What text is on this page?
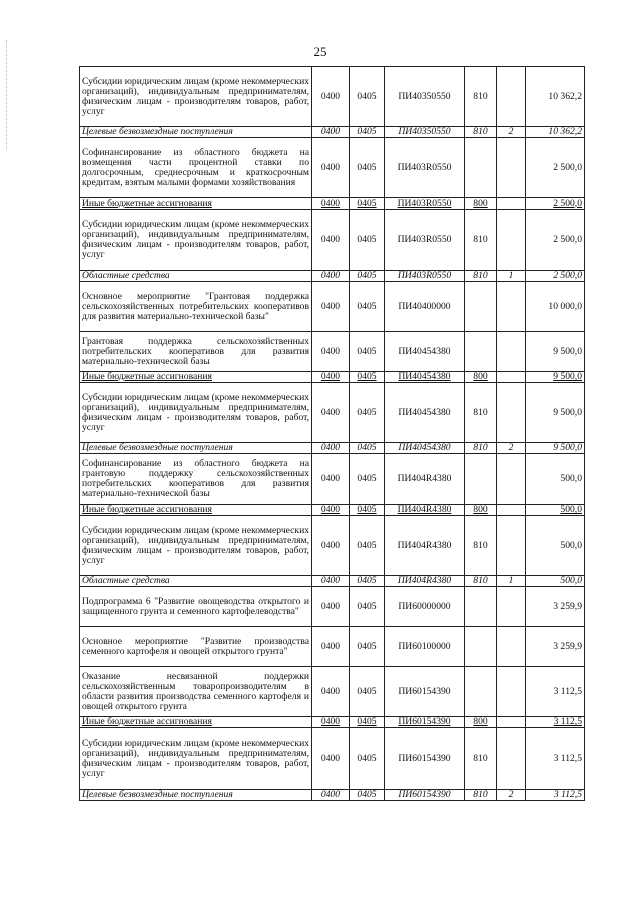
25
Субсидии юридическим лицам (кроме некоммерческих организаций), индивидуальным предпринимателям, физическим лицам - производителям товаров, работ, услуг	0400	0405	ПИ40350550	810		10 362,2
Целевые безвозмездные поступления	0400	0405	ПИ40350550	810	2	10 362,2
Софинансирование из областного бюджета на возмещения части процентной ставки по долгосрочным, среднесрочным и краткосрочным кредитам, взятым малыми формами хозяйствования	0400	0405	ПИ403R0550			2 500,0
Иные бюджетные ассигнования	0400	0405	ПИ403R0550	800		2 500,0
Субсидии юридическим лицам (кроме некоммерческих организаций), индивидуальным предпринимателям, физическим лицам - производителям товаров, работ, услуг	0400	0405	ПИ403R0550	810		2 500,0
Областные средства	0400	0405	ПИ403R0550	810	1	2 500,0
Основное мероприятие "Грантовая поддержка сельскохозяйственных потребительских кооперативов для развития материально-технической базы"	0400	0405	ПИ40400000			10 000,0
Грантовая поддержка сельскохозяйственных потребительских кооперативов для развития материально-технической базы	0400	0405	ПИ40454380			9 500,0
Иные бюджетные ассигнования	0400	0405	ПИ40454380	800		9 500,0
Субсидии юридическим лицам (кроме некоммерческих организаций), индивидуальным предпринимателям, физическим лицам - производителям товаров, работ, услуг	0400	0405	ПИ40454380	810		9 500,0
Целевые безвозмездные поступления	0400	0405	ПИ40454380	810	2	9 500,0
Софинансирование из областного бюджета на грантовую поддержку сельскохозяйственных потребительских кооперативов для развития материально-технической базы	0400	0405	ПИ404R4380			500,0
Иные бюджетные ассигнования	0400	0405	ПИ404R4380	800		500,0
Субсидии юридическим лицам (кроме некоммерческих организаций), индивидуальным предпринимателям, физическим лицам - производителям товаров, работ, услуг	0400	0405	ПИ404R4380	810		500,0
Областные средства	0400	0405	ПИ404R4380	810	1	500,0
Подпрограмма 6 "Развитие овощеводства открытого и защищенного грунта и семенного картофелеводства"	0400	0405	ПИ60000000			3 259,9
Основное мероприятие "Развитие производства семенного картофеля и овощей открытого грунта"	0400	0405	ПИ60100000			3 259,9
Оказание несвязанной поддержки сельскохозяйственным товаропроизводителям в области развития производства семенного картофеля и овощей открытого грунта	0400	0405	ПИ60154390			3 112,5
Иные бюджетные ассигнования	0400	0405	ПИ60154390	800		3 112,5
Субсидии юридическим лицам (кроме некоммерческих организаций), индивидуальным предпринимателям, физическим лицам - производителям товаров, работ, услуг	0400	0405	ПИ60154390	810		3 112,5
Целевые безвозмездные поступления	0400	0405	ПИ60154390	810	2	3 112,5
